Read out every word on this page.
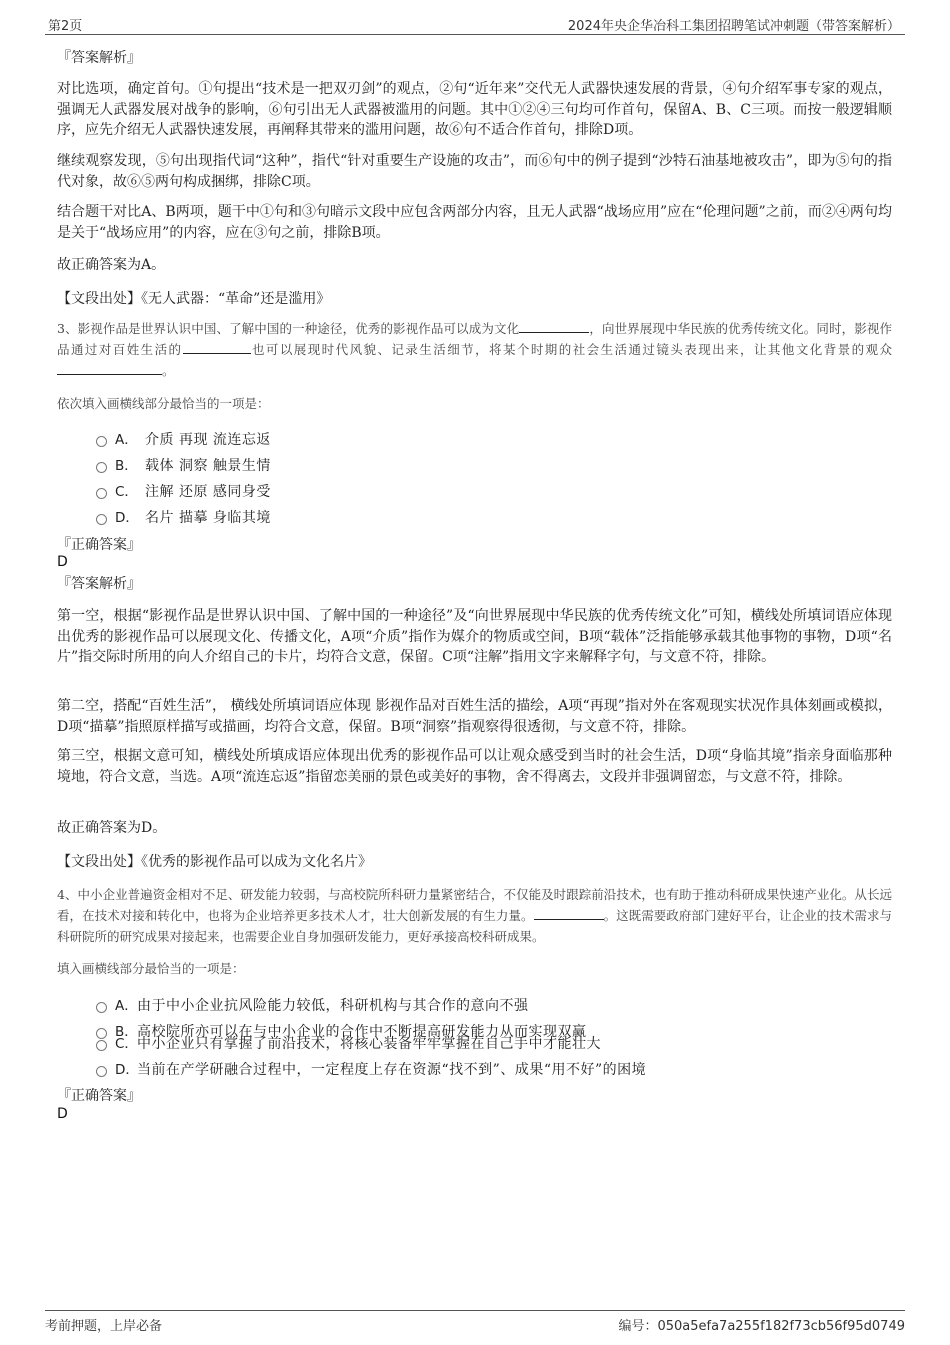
第2页	2024年央企华冶科工集团招聘笔试冲刺题（带答案解析）
『答案解析』

对比选项，确定首句。①句提出“技术是一把双刃剑”的观点，②句“近年来”交代无人武器快速发展的背景，④句介绍军事专家的观点，强调无人武器发展对战争的影响，⑥句引出无人武器被滥用的问题。其中①②④三句均可作首句，保留A、B、C三项。而按一般逻辑顺序，应先介绍无人武器快速发展，再阐释其带来的滥用问题，故⑥句不适合作首句，排除D项。

继续观察发现，⑤句出现指代词“这种”，指代“针对重要生产设施的攻击”，而⑥句中的例子提到“沙特石油基地被攻击”，即为⑤句的指代对象，故⑥⑤两句构成捆绑，排除C项。

结合题干对比A、B两项，题干中①句和③句暗示文段中应包含两部分内容，且无人武器“战场应用”应在“伦理问题”之前，而②④两句均是关于“战场应用”的内容，应在③句之前，排除B项。

故正确答案为A。
【文段出处】《无人武器：“革命”还是滥用》

3、影视作品是世界认识中国、了解中国的一种途径，优秀的影视作品可以成为文化	，向世界展现中华民族的优秀传统文化。同时，影视作品通过对百姓生活的	也可以展现时代风貌、记录生活细节，将某个时期的社会生活通过镜头表现出来，让其他文化背景的观众。

依次填入画横线部分最恰当的一项是：
A． 介质 再现 流连忘返
B． 载体 洞察 触景生情
C． 注解 还原 感同身受
D． 名片 描摹 身临其境
『正确答案』
D
『答案解析』

第一空，根据“影视作品是世界认识中国、了解中国的一种途径”及“向世界展现中华民族的优秀传统文化”可知，横线处所填词语应体现出优秀的影视作品可以展现文化、传播文化，A项“介质”指作为媒介的物质或空间，B项“载体”泛指能够承载其他事物的事物，D项“名片”指交际时所用的向人介绍自己的卡片，均符合文意，保留。C项“注解”指用文字来解释字句，与文意不符，排除。

第二空，搭配“百姓生活”， 横线处所填词语应体现 影视作品对百姓生活的描绘，A项“再现”指对外在客观现实状况作具体刻画或模拟，D项“描摹”指照原样描写或描画，均符合文意，保留。B项“洞察”指观察得很透彻，与文意不符，排除。

第三空，根据文意可知，横线处所填成语应体现出优秀的影视作品可以让观众感受到当时的社会生活，D项“身临其境”指亲身面临那种境地，符合文意，当选。A项“流连忘返”指留恋美丽的景色或美好的事物，舍不得离去，文段并非强调留恋，与文意不符，排除。

故正确答案为D。
【文段出处】《优秀的影视作品可以成为文化名片》

4、中小企业普遍资金相对不足、研发能力较弱，与高校院所科研力量紧密结合，不仅能及时跟踪前沿技术，也有助于推动科研成果快速产业化。从长远看，在技术对接和转化中，也将为企业培养更多技术人才，壮大创新发展的有生力量。	。这既需要政府部门建好平台，让企业的技术需求与科研院所的研究成果对接起来，也需要企业自身加强研发能力，更好承接高校科研成果。

填入画横线部分最恰当的一项是：
A．由于中小企业抗风险能力较低，科研机构与其合作的意向不强
B．高校院所亦可以在与中小企业的合作中不断提高研发能力从而实现双赢
C．中小企业只有掌握了前沿技术，将核心装备牢牢掌握在自己手中才能壮大
D．当前在产学研融合过程中，一定程度上存在资源“找不到”、成果“用不好”的困境
『正确答案』
D
考前押题，上岸必备	编号：050a5efa7a255f182f73cb56f95d0749
